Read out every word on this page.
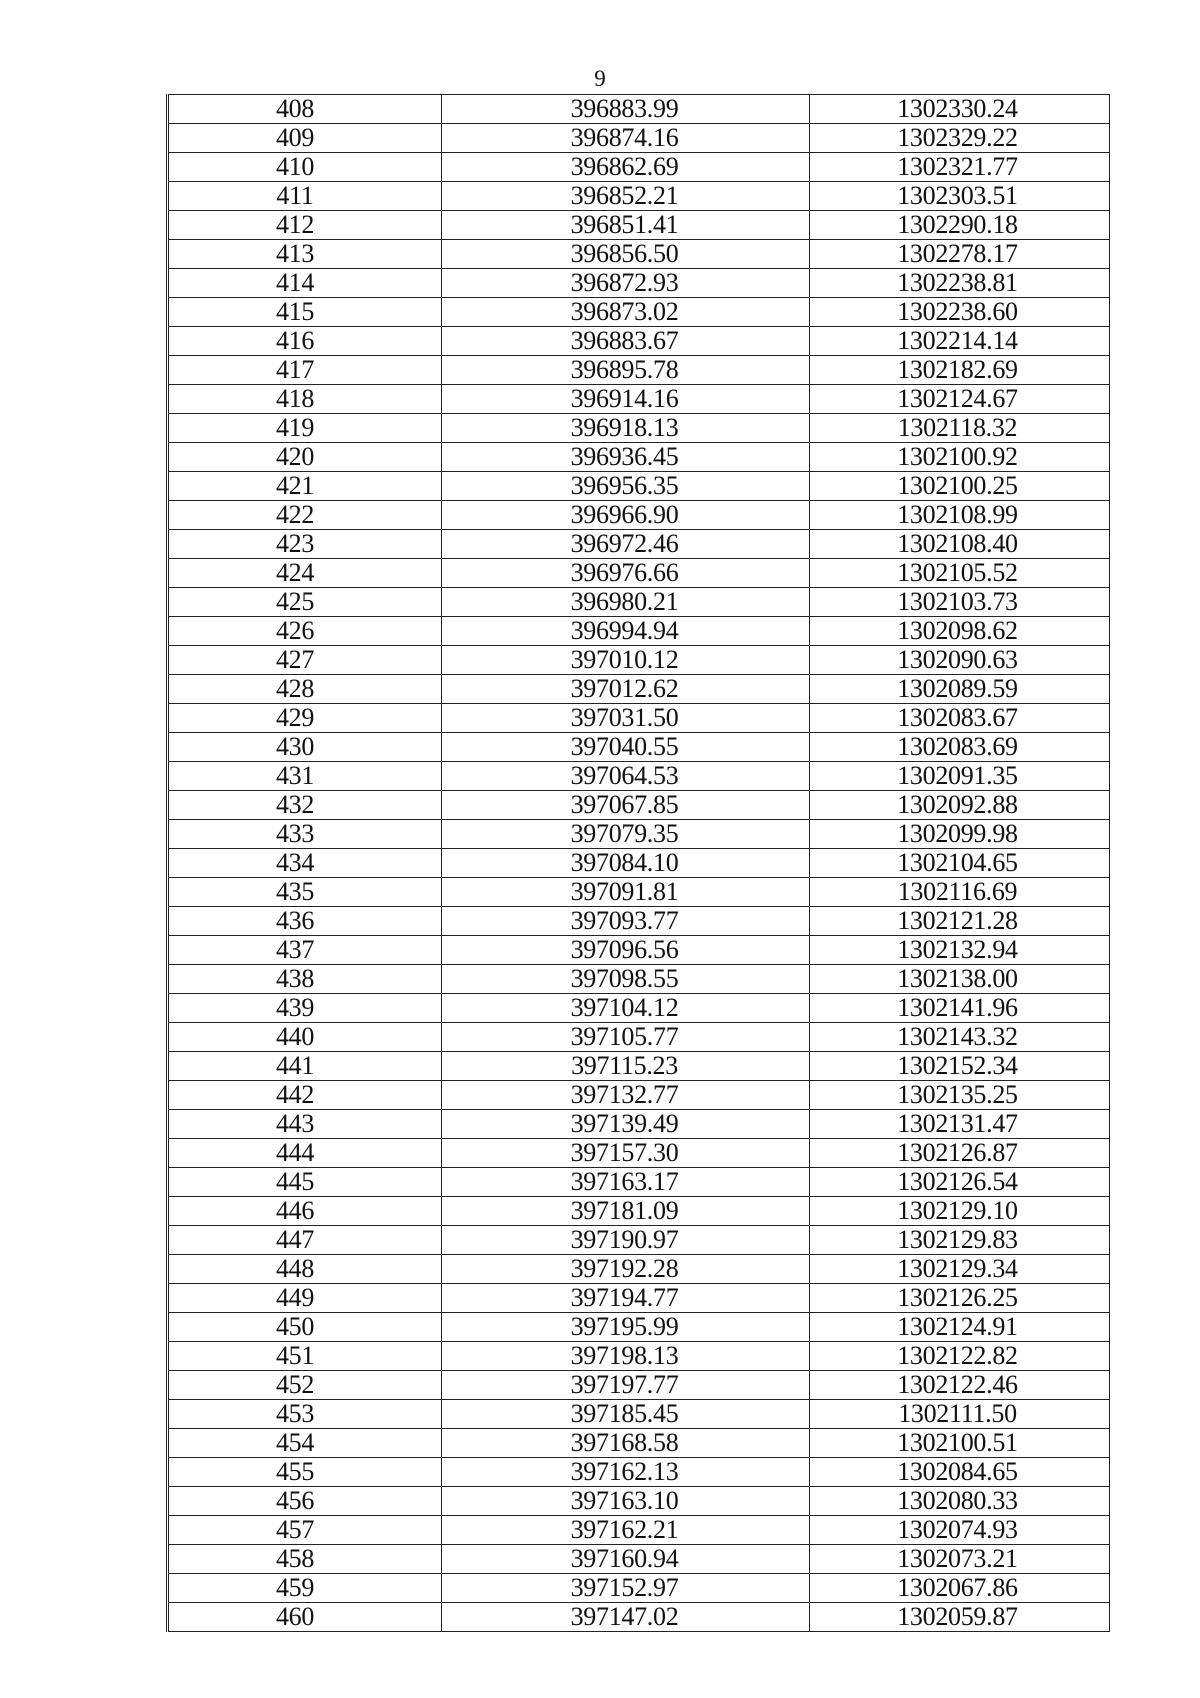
9
408	396883.99	1302330.24
409	396874.16	1302329.22
410	396862.69	1302321.77
411	396852.21	1302303.51
412	396851.41	1302290.18
413	396856.50	1302278.17
414	396872.93	1302238.81
415	396873.02	1302238.60
416	396883.67	1302214.14
417	396895.78	1302182.69
418	396914.16	1302124.67
419	396918.13	1302118.32
420	396936.45	1302100.92
421	396956.35	1302100.25
422	396966.90	1302108.99
423	396972.46	1302108.40
424	396976.66	1302105.52
425	396980.21	1302103.73
426	396994.94	1302098.62
427	397010.12	1302090.63
428	397012.62	1302089.59
429	397031.50	1302083.67
430	397040.55	1302083.69
431	397064.53	1302091.35
432	397067.85	1302092.88
433	397079.35	1302099.98
434	397084.10	1302104.65
435	397091.81	1302116.69
436	397093.77	1302121.28
437	397096.56	1302132.94
438	397098.55	1302138.00
439	397104.12	1302141.96
440	397105.77	1302143.32
441	397115.23	1302152.34
442	397132.77	1302135.25
443	397139.49	1302131.47
444	397157.30	1302126.87
445	397163.17	1302126.54
446	397181.09	1302129.10
447	397190.97	1302129.83
448	397192.28	1302129.34
449	397194.77	1302126.25
450	397195.99	1302124.91
451	397198.13	1302122.82
452	397197.77	1302122.46
453	397185.45	1302111.50
454	397168.58	1302100.51
455	397162.13	1302084.65
456	397163.10	1302080.33
457	397162.21	1302074.93
458	397160.94	1302073.21
459	397152.97	1302067.86
460	397147.02	1302059.87
